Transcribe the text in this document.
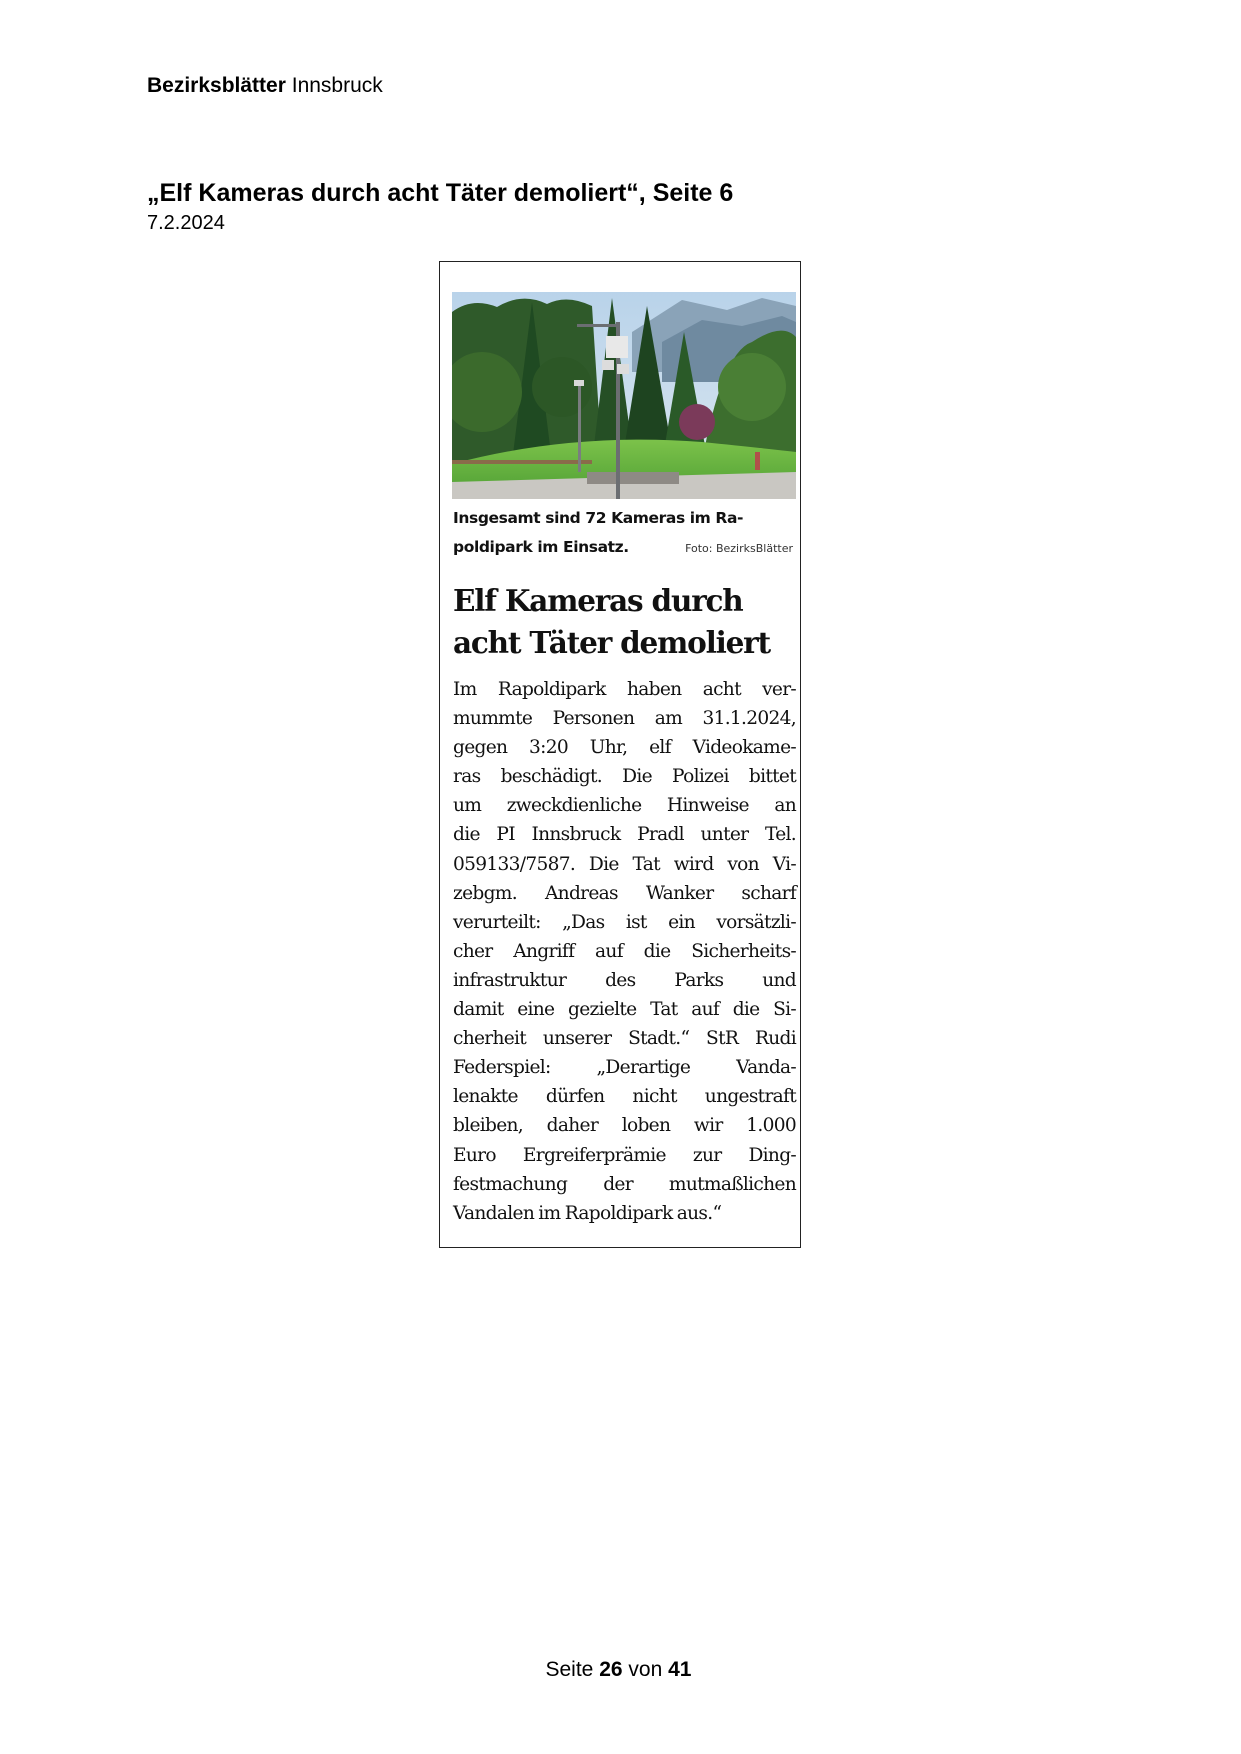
Bezirksblätter Innsbruck
„Elf Kameras durch acht Täter demoliert“, Seite 6
7.2.2024
Insgesamt sind 72 Kameras im Ra-
poldipark im Einsatz.	Foto: BezirksBlätter
Elf Kameras durch
acht Täter demoliert
Im Rapoldipark haben acht ver-
mummte Personen am 31.1.2024,
gegen 3:20 Uhr, elf Videokame-
ras beschädigt. Die Polizei bittet
um zweckdienliche Hinweise an
die PI Innsbruck Pradl unter Tel.
059133/7587. Die Tat wird von Vi-
zebgm. Andreas Wanker scharf
verurteilt: „Das ist ein vorsätzli-
cher Angriff auf die Sicherheits-
infrastruktur des Parks und
damit eine gezielte Tat auf die Si-
cherheit unserer Stadt.“ StR Rudi
Federspiel: „Derartige Vanda-
lenakte dürfen nicht ungestraft
bleiben, daher loben wir 1.000
Euro Ergreiferprämie zur Ding-
festmachung der mutmaßlichen
Vandalen im Rapoldipark aus.“
Seite 26 von 41
